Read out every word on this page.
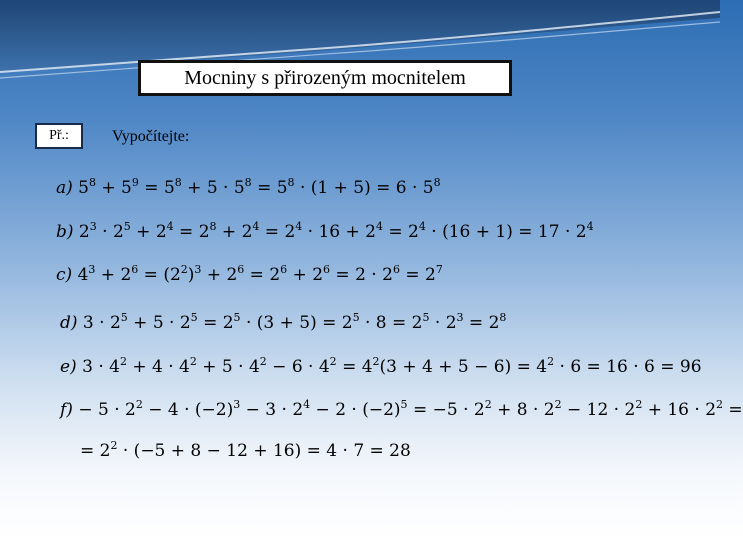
Mocniny s přirozeným mocnitelem
Př.:	Vypočítejte:
a) $5^8 + 5^9 = 5^8 + 5 \cdot 5^8 = 5^8 \cdot (1 + 5) = 6 \cdot 5^8$
b) $2^3 \cdot 2^5 + 2^4 = 2^8 + 2^4 = 2^4 \cdot 16 + 2^4 = 2^4 \cdot (16 + 1) = 17 \cdot 2^4$
c) $4^3 + 2^6 = (2^2)^3 + 2^6 = 2^6 + 2^6 = 2 \cdot 2^6 = 2^7$
d) $3 \cdot 2^5 + 5 \cdot 2^5 = 2^5 \cdot (3 + 5) = 2^5 \cdot 8 = 2^5 \cdot 2^3 = 2^8$
e) $3 \cdot 4^2 + 4 \cdot 4^2 + 5 \cdot 4^2 - 6 \cdot 4^2 = 4^2(3 + 4 + 5 - 6) = 4^2 \cdot 6 = 16 \cdot 6 = 96$
$f) - 5 \cdot 2^2 - 4 \cdot (-2)^3 - 3 \cdot 2^4 - 2 \cdot (-2)^5 = -5 \cdot 2^2 + 8 \cdot 2^2 - 12 \cdot 2^2 + 16 \cdot 2^2$ =
= $2^2 \cdot (-5 + 8 - 12 + 16) = 4 \cdot 7 = 28$
